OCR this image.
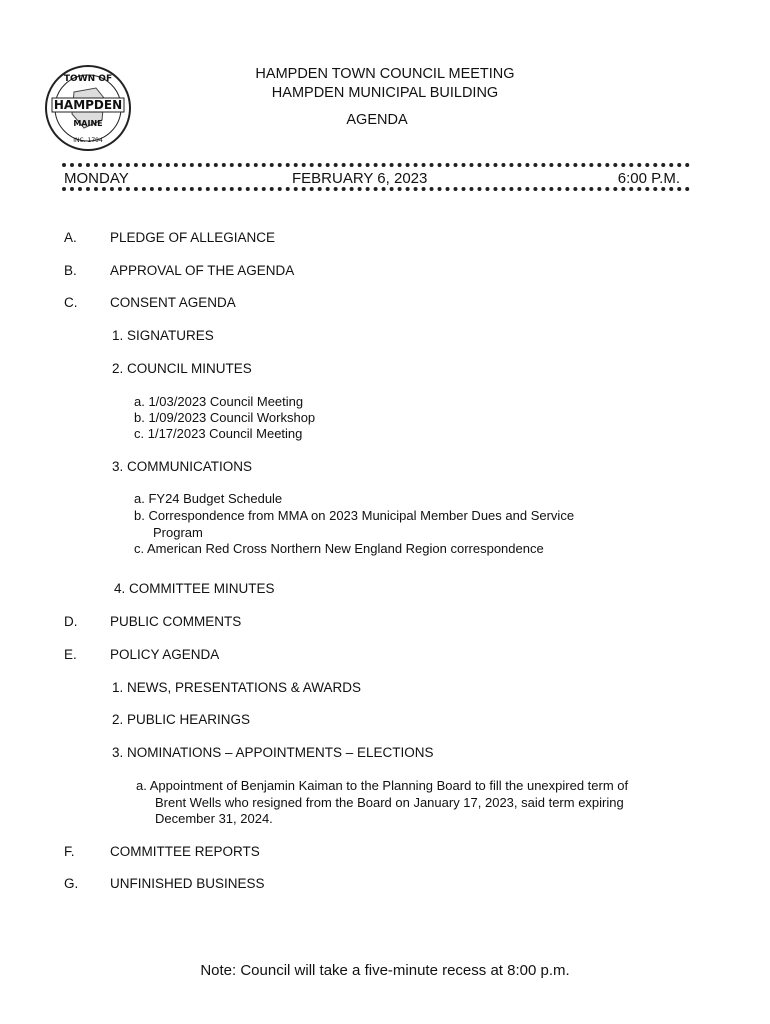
TOWN OF
HAMPDEN
MAINE
INC. 1794
HAMPDEN TOWN COUNCIL MEETING
HAMPDEN MUNICIPAL BUILDING
AGENDA
MONDAY	FEBRUARY 6, 2023	6:00 P.M.
A. PLEDGE OF ALLEGIANCE
B. APPROVAL OF THE AGENDA
C. CONSENT AGENDA
1. SIGNATURES
2. COUNCIL MINUTES
a. 1/03/2023 Council Meeting
b. 1/09/2023 Council Workshop
c. 1/17/2023 Council Meeting
3. COMMUNICATIONS
a. FY24 Budget Schedule
b. Correspondence from MMA on 2023 Municipal Member Dues and Service
Program
c. American Red Cross Northern New England Region correspondence
4. COMMITTEE MINUTES
D. PUBLIC COMMENTS
E. POLICY AGENDA
1. NEWS, PRESENTATIONS & AWARDS
2. PUBLIC HEARINGS
3. NOMINATIONS – APPOINTMENTS – ELECTIONS
a. Appointment of Benjamin Kaiman to the Planning Board to fill the unexpired term of
Brent Wells who resigned from the Board on January 17, 2023, said term expiring
December 31, 2024.
F.	COMMITTEE REPORTS
G. UNFINISHED BUSINESS
Note: Council will take a five-minute recess at 8:00 p.m.
